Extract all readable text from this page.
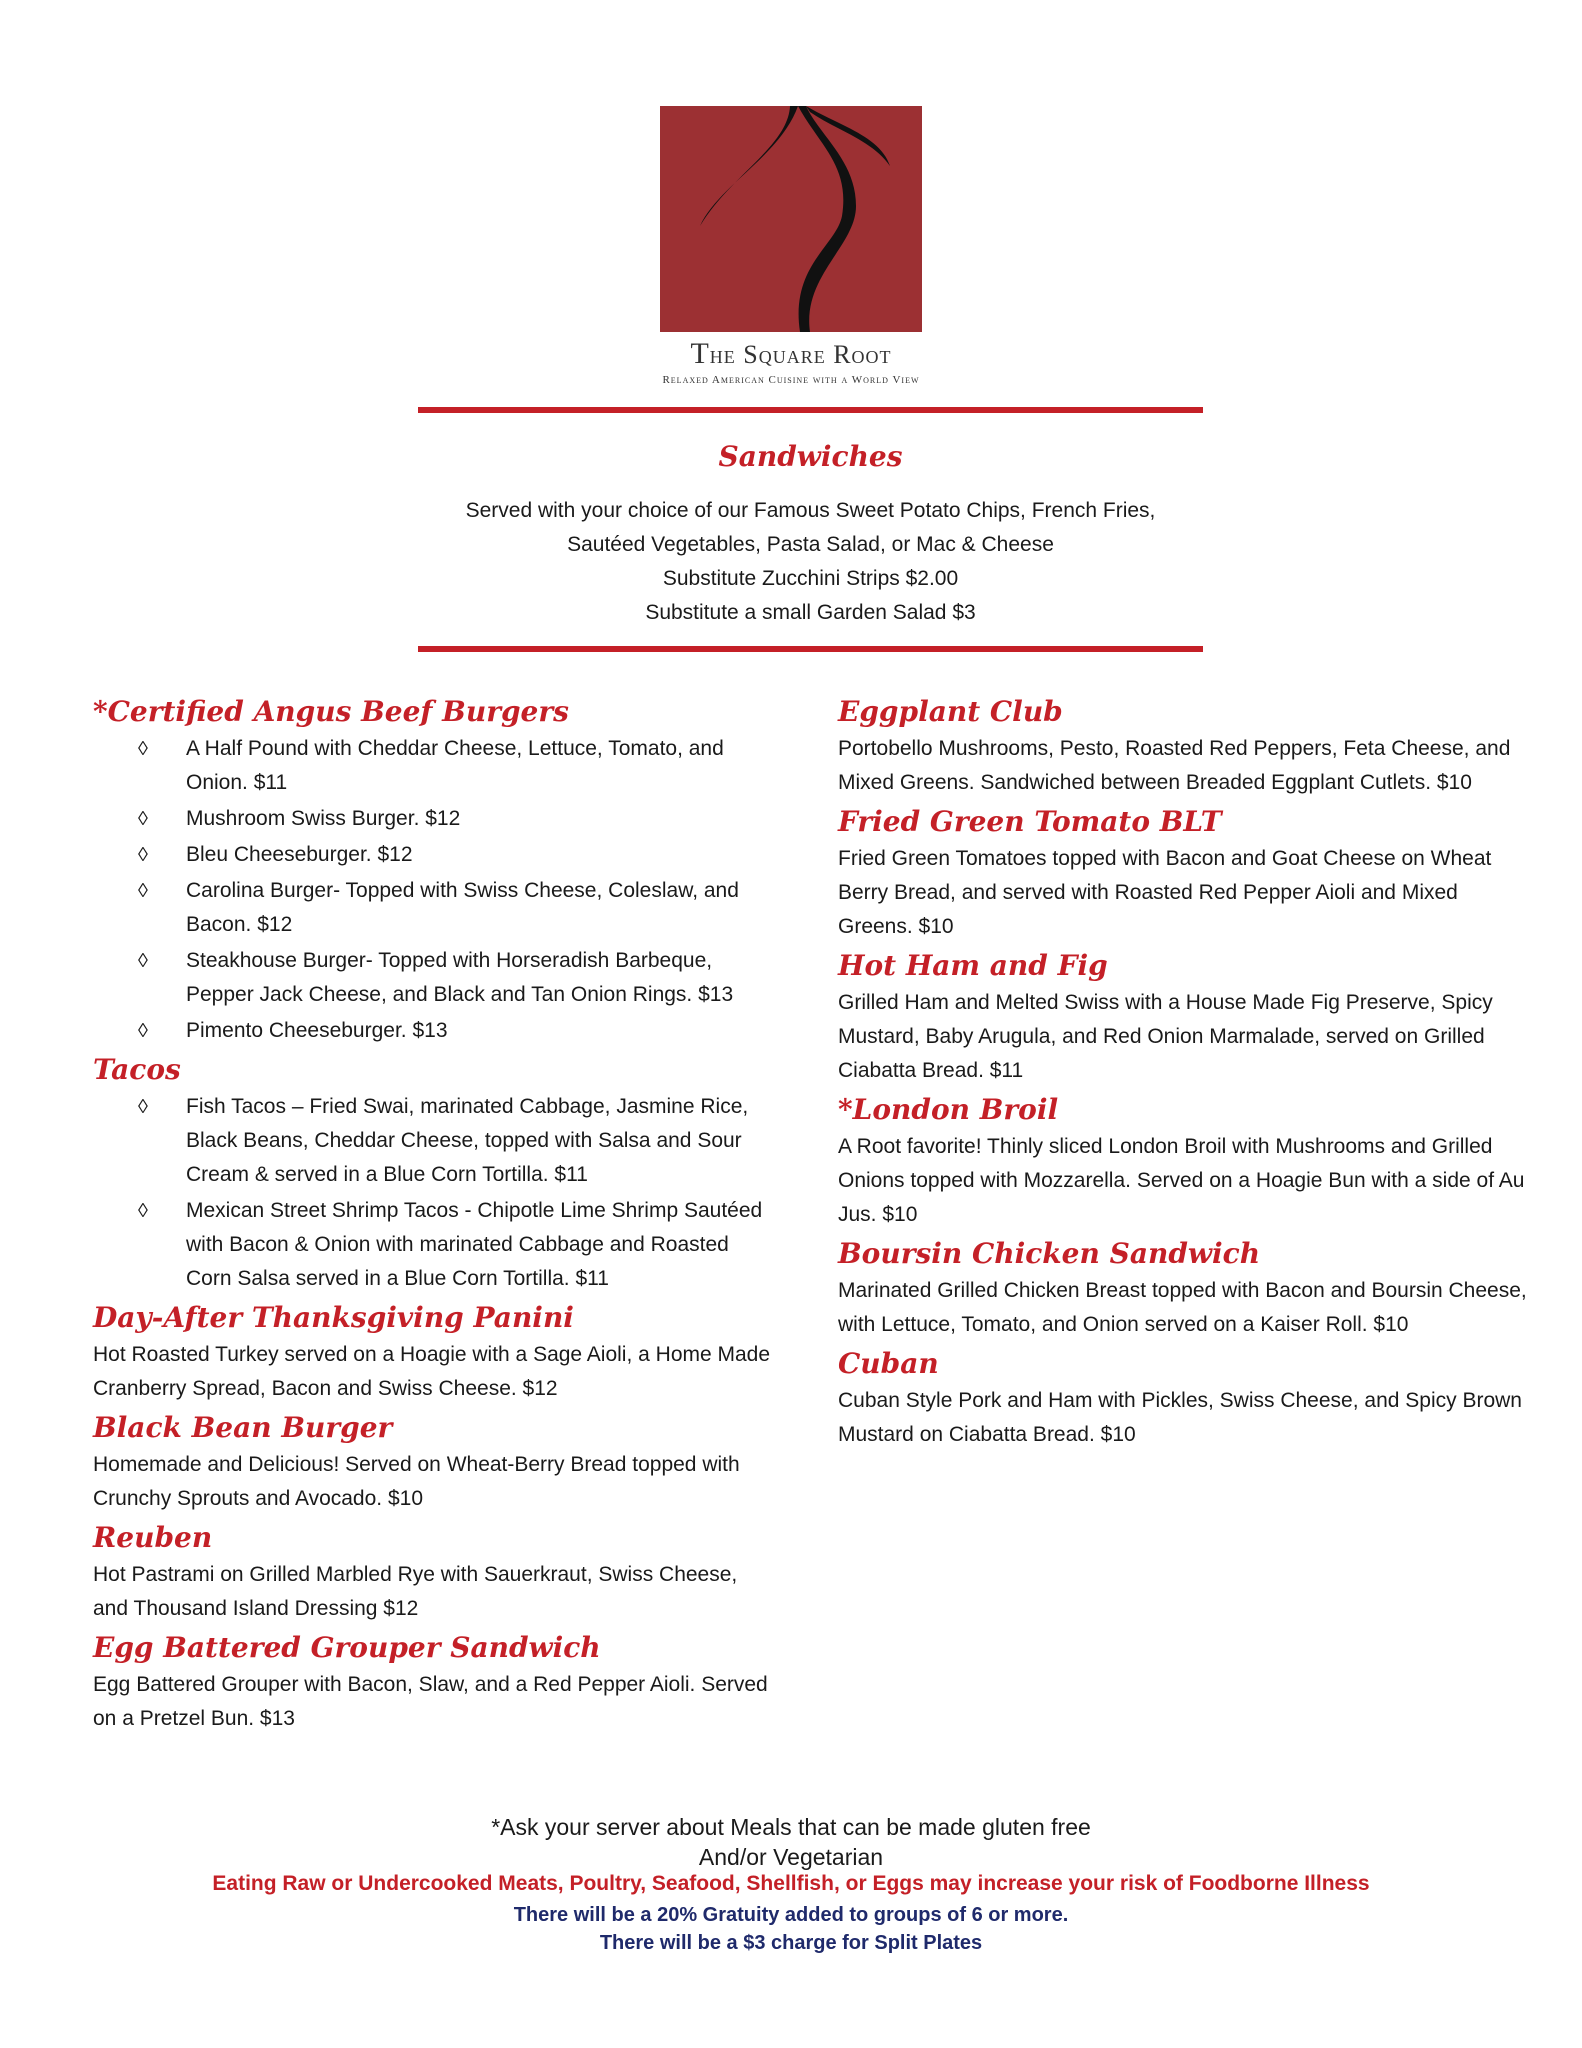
The Square Root
Relaxed American Cuisine with a World View
Sandwiches
Served with your choice of our Famous Sweet Potato Chips, French Fries,
Sautéed Vegetables, Pasta Salad, or Mac & Cheese
Substitute Zucchini Strips $2.00
Substitute a small Garden Salad $3
*Certified Angus Beef Burgers
◊ A Half Pound with Cheddar Cheese, Lettuce, Tomato, and Onion. $11
◊ Mushroom Swiss Burger. $12
◊ Bleu Cheeseburger. $12
◊ Carolina Burger- Topped with Swiss Cheese, Coleslaw, and Bacon. $12
◊ Steakhouse Burger- Topped with Horseradish Barbeque, Pepper Jack Cheese, and Black and Tan Onion Rings. $13
◊ Pimento Cheeseburger. $13
Tacos
◊ Fish Tacos – Fried Swai, marinated Cabbage, Jasmine Rice, Black Beans, Cheddar Cheese, topped with Salsa and Sour Cream & served in a Blue Corn Tortilla. $11
◊ Mexican Street Shrimp Tacos - Chipotle Lime Shrimp Sautéed with Bacon & Onion with marinated Cabbage and Roasted Corn Salsa served in a Blue Corn Tortilla. $11
Day-After Thanksgiving Panini
Hot Roasted Turkey served on a Hoagie with a Sage Aioli, a Home Made Cranberry Spread, Bacon and Swiss Cheese. $12
Black Bean Burger
Homemade and Delicious! Served on Wheat-Berry Bread topped with Crunchy Sprouts and Avocado. $10
Reuben
Hot Pastrami on Grilled Marbled Rye with Sauerkraut, Swiss Cheese, and Thousand Island Dressing $12
Egg Battered Grouper Sandwich
Egg Battered Grouper with Bacon, Slaw, and a Red Pepper Aioli. Served on a Pretzel Bun. $13
Eggplant Club
Portobello Mushrooms, Pesto, Roasted Red Peppers, Feta Cheese, and Mixed Greens. Sandwiched between Breaded Eggplant Cutlets. $10
Fried Green Tomato BLT
Fried Green Tomatoes topped with Bacon and Goat Cheese on Wheat Berry Bread, and served with Roasted Red Pepper Aioli and Mixed Greens. $10
Hot Ham and Fig
Grilled Ham and Melted Swiss with a House Made Fig Preserve, Spicy Mustard, Baby Arugula, and Red Onion Marmalade, served on Grilled Ciabatta Bread. $11
*London Broil
A Root favorite! Thinly sliced London Broil with Mushrooms and Grilled Onions topped with Mozzarella. Served on a Hoagie Bun with a side of Au Jus. $10
Boursin Chicken Sandwich
Marinated Grilled Chicken Breast topped with Bacon and Boursin Cheese, with Lettuce, Tomato, and Onion served on a Kaiser Roll. $10
Cuban
Cuban Style Pork and Ham with Pickles, Swiss Cheese, and Spicy Brown Mustard on Ciabatta Bread. $10
*Ask your server about Meals that can be made gluten free
And/or Vegetarian
Eating Raw or Undercooked Meats, Poultry, Seafood, Shellfish, or Eggs may increase your risk of Foodborne Illness
There will be a 20% Gratuity added to groups of 6 or more.
There will be a $3 charge for Split Plates
